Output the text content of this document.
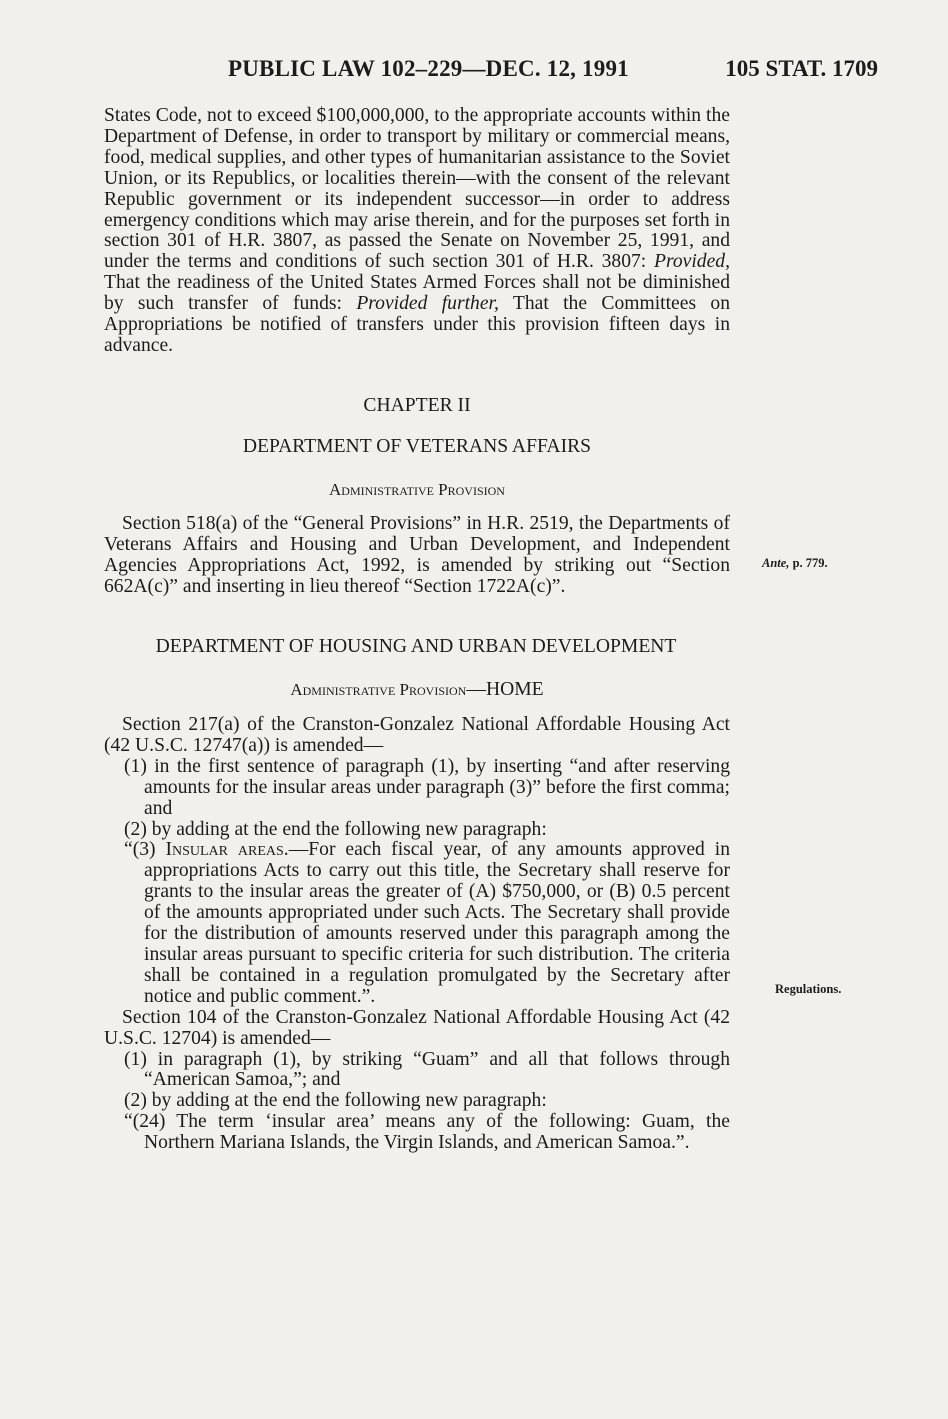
PUBLIC LAW 102–229—DEC. 12, 1991	105 STAT. 1709

States Code, not to exceed $100,000,000, to the appropriate accounts within the Department of Defense, in order to transport by military or commercial means, food, medical supplies, and other types of humanitarian assistance to the Soviet Union, or its Republics, or localities therein—with the consent of the relevant Republic government or its independent successor—in order to address emergency conditions which may arise therein, and for the purposes set forth in section 301 of H.R. 3807, as passed the Senate on November 25, 1991, and under the terms and conditions of such section 301 of H.R. 3807: Provided, That the readiness of the United States Armed Forces shall not be diminished by such transfer of funds: Provided further, That the Committees on Appropriations be notified of transfers under this provision fifteen days in advance.

CHAPTER II

DEPARTMENT OF VETERANS AFFAIRS

Administrative Provision

Section 518(a) of the “General Provisions” in H.R. 2519, the Departments of Veterans Affairs and Housing and Urban Development, and Independent Agencies Appropriations Act, 1992, is amended by striking out “Section 662A(c)” and inserting in lieu thereof “Section 1722A(c)”.

Ante, p. 779.

DEPARTMENT OF HOUSING AND URBAN DEVELOPMENT

Administrative Provision—HOME

Section 217(a) of the Cranston-Gonzalez National Affordable Housing Act (42 U.S.C. 12747(a)) is amended—

(1) in the first sentence of paragraph (1), by inserting “and after reserving amounts for the insular areas under paragraph (3)” before the first comma; and

(2) by adding at the end the following new paragraph:

“(3) Insular areas.—For each fiscal year, of any amounts approved in appropriations Acts to carry out this title, the Secretary shall reserve for grants to the insular areas the greater of (A) $750,000, or (B) 0.5 percent of the amounts appropriated under such Acts. The Secretary shall provide for the distribution of amounts reserved under this paragraph among the insular areas pursuant to specific criteria for such distribution. The criteria shall be contained in a regulation promulgated by the Secretary after notice and public comment.”.

Section 104 of the Cranston-Gonzalez National Affordable Housing Act (42 U.S.C. 12704) is amended—

(1) in paragraph (1), by striking “Guam” and all that follows through “American Samoa,”; and

(2) by adding at the end the following new paragraph:

“(24) The term ‘insular area’ means any of the following: Guam, the Northern Mariana Islands, the Virgin Islands, and American Samoa.”.

Regulations.
